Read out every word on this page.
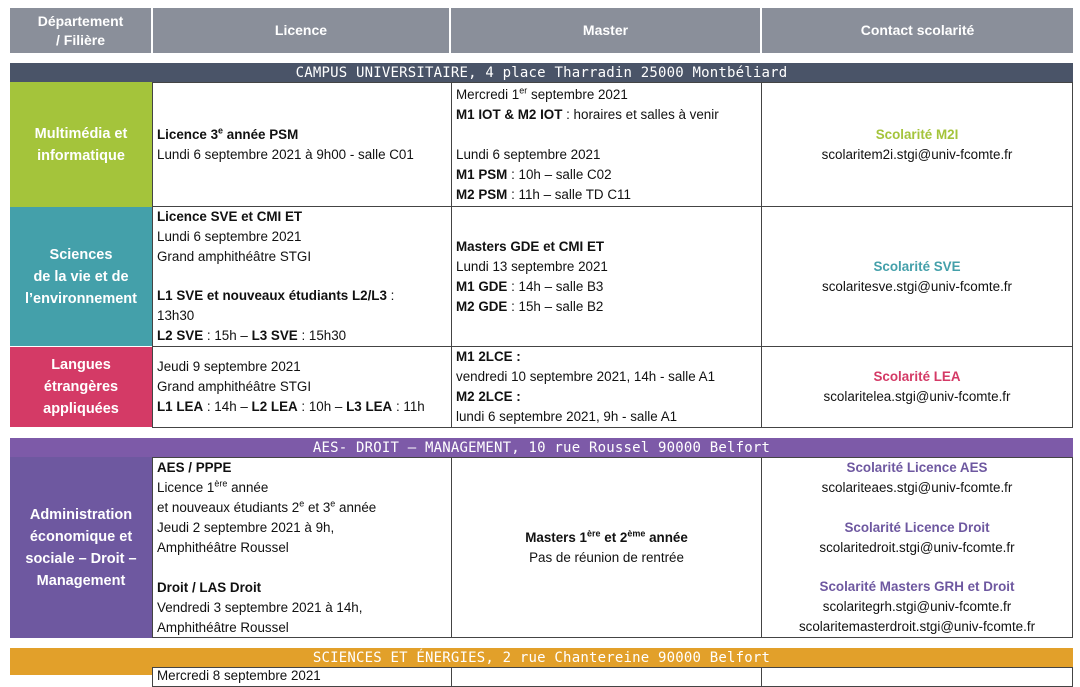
Département
/ Filière
Licence	Master	Contact scolarité
CAMPUS UNIVERSITAIRE, 4 place Tharradin 25000 Montbéliard
Multimédia et
informatique
Licence 3e année PSM
Lundi 6 septembre 2021 à 9h00 - salle C01
Mercredi 1er septembre 2021
M1 IOT & M2 IOT : horaires et salles à venir
Lundi 6 septembre 2021
M1 PSM : 10h – salle C02
M2 PSM : 11h – salle TD C11
Scolarité M2I
scolaritem2i.stgi@univ-fcomte.fr
Sciences
de la vie et de
l’environnement
Licence SVE et CMI ET
Lundi 6 septembre 2021
Grand amphithéâtre STGI
L1 SVE et nouveaux étudiants L2/L3 :
13h30
L2 SVE : 15h – L3 SVE : 15h30
Masters GDE et CMI ET
Lundi 13 septembre 2021
M1 GDE : 14h – salle B3
M2 GDE : 15h – salle B2
Scolarité SVE
scolaritesve.stgi@univ-fcomte.fr
Langues
étrangères
appliquées
Jeudi 9 septembre 2021
Grand amphithéâtre STGI
L1 LEA : 14h – L2 LEA : 10h – L3 LEA : 11h
M1 2LCE :
vendredi 10 septembre 2021, 14h - salle A1
M2 2LCE :
lundi 6 septembre 2021, 9h - salle A1
Scolarité LEA
scolaritelea.stgi@univ-fcomte.fr
AES- DROIT – MANAGEMENT, 10 rue Roussel 90000 Belfort
Administration
économique et
sociale – Droit –
Management
AES / PPPE
Licence 1ère année
et nouveaux étudiants 2e et 3e année
Jeudi 2 septembre 2021 à 9h,
Amphithéâtre Roussel
Droit / LAS Droit
Vendredi 3 septembre 2021 à 14h,
Amphithéâtre Roussel
Masters 1ère et 2ème année
Pas de réunion de rentrée
Scolarité Licence AES
scolariteaes.stgi@univ-fcomte.fr
Scolarité Licence Droit
scolaritedroit.stgi@univ-fcomte.fr
Scolarité Masters GRH et Droit
scolaritegrh.stgi@univ-fcomte.fr
scolaritemasterdroit.stgi@univ-fcomte.fr
SCIENCES ET ÉNERGIES, 2 rue Chantereine 90000 Belfort
Mercredi 8 septembre 2021
